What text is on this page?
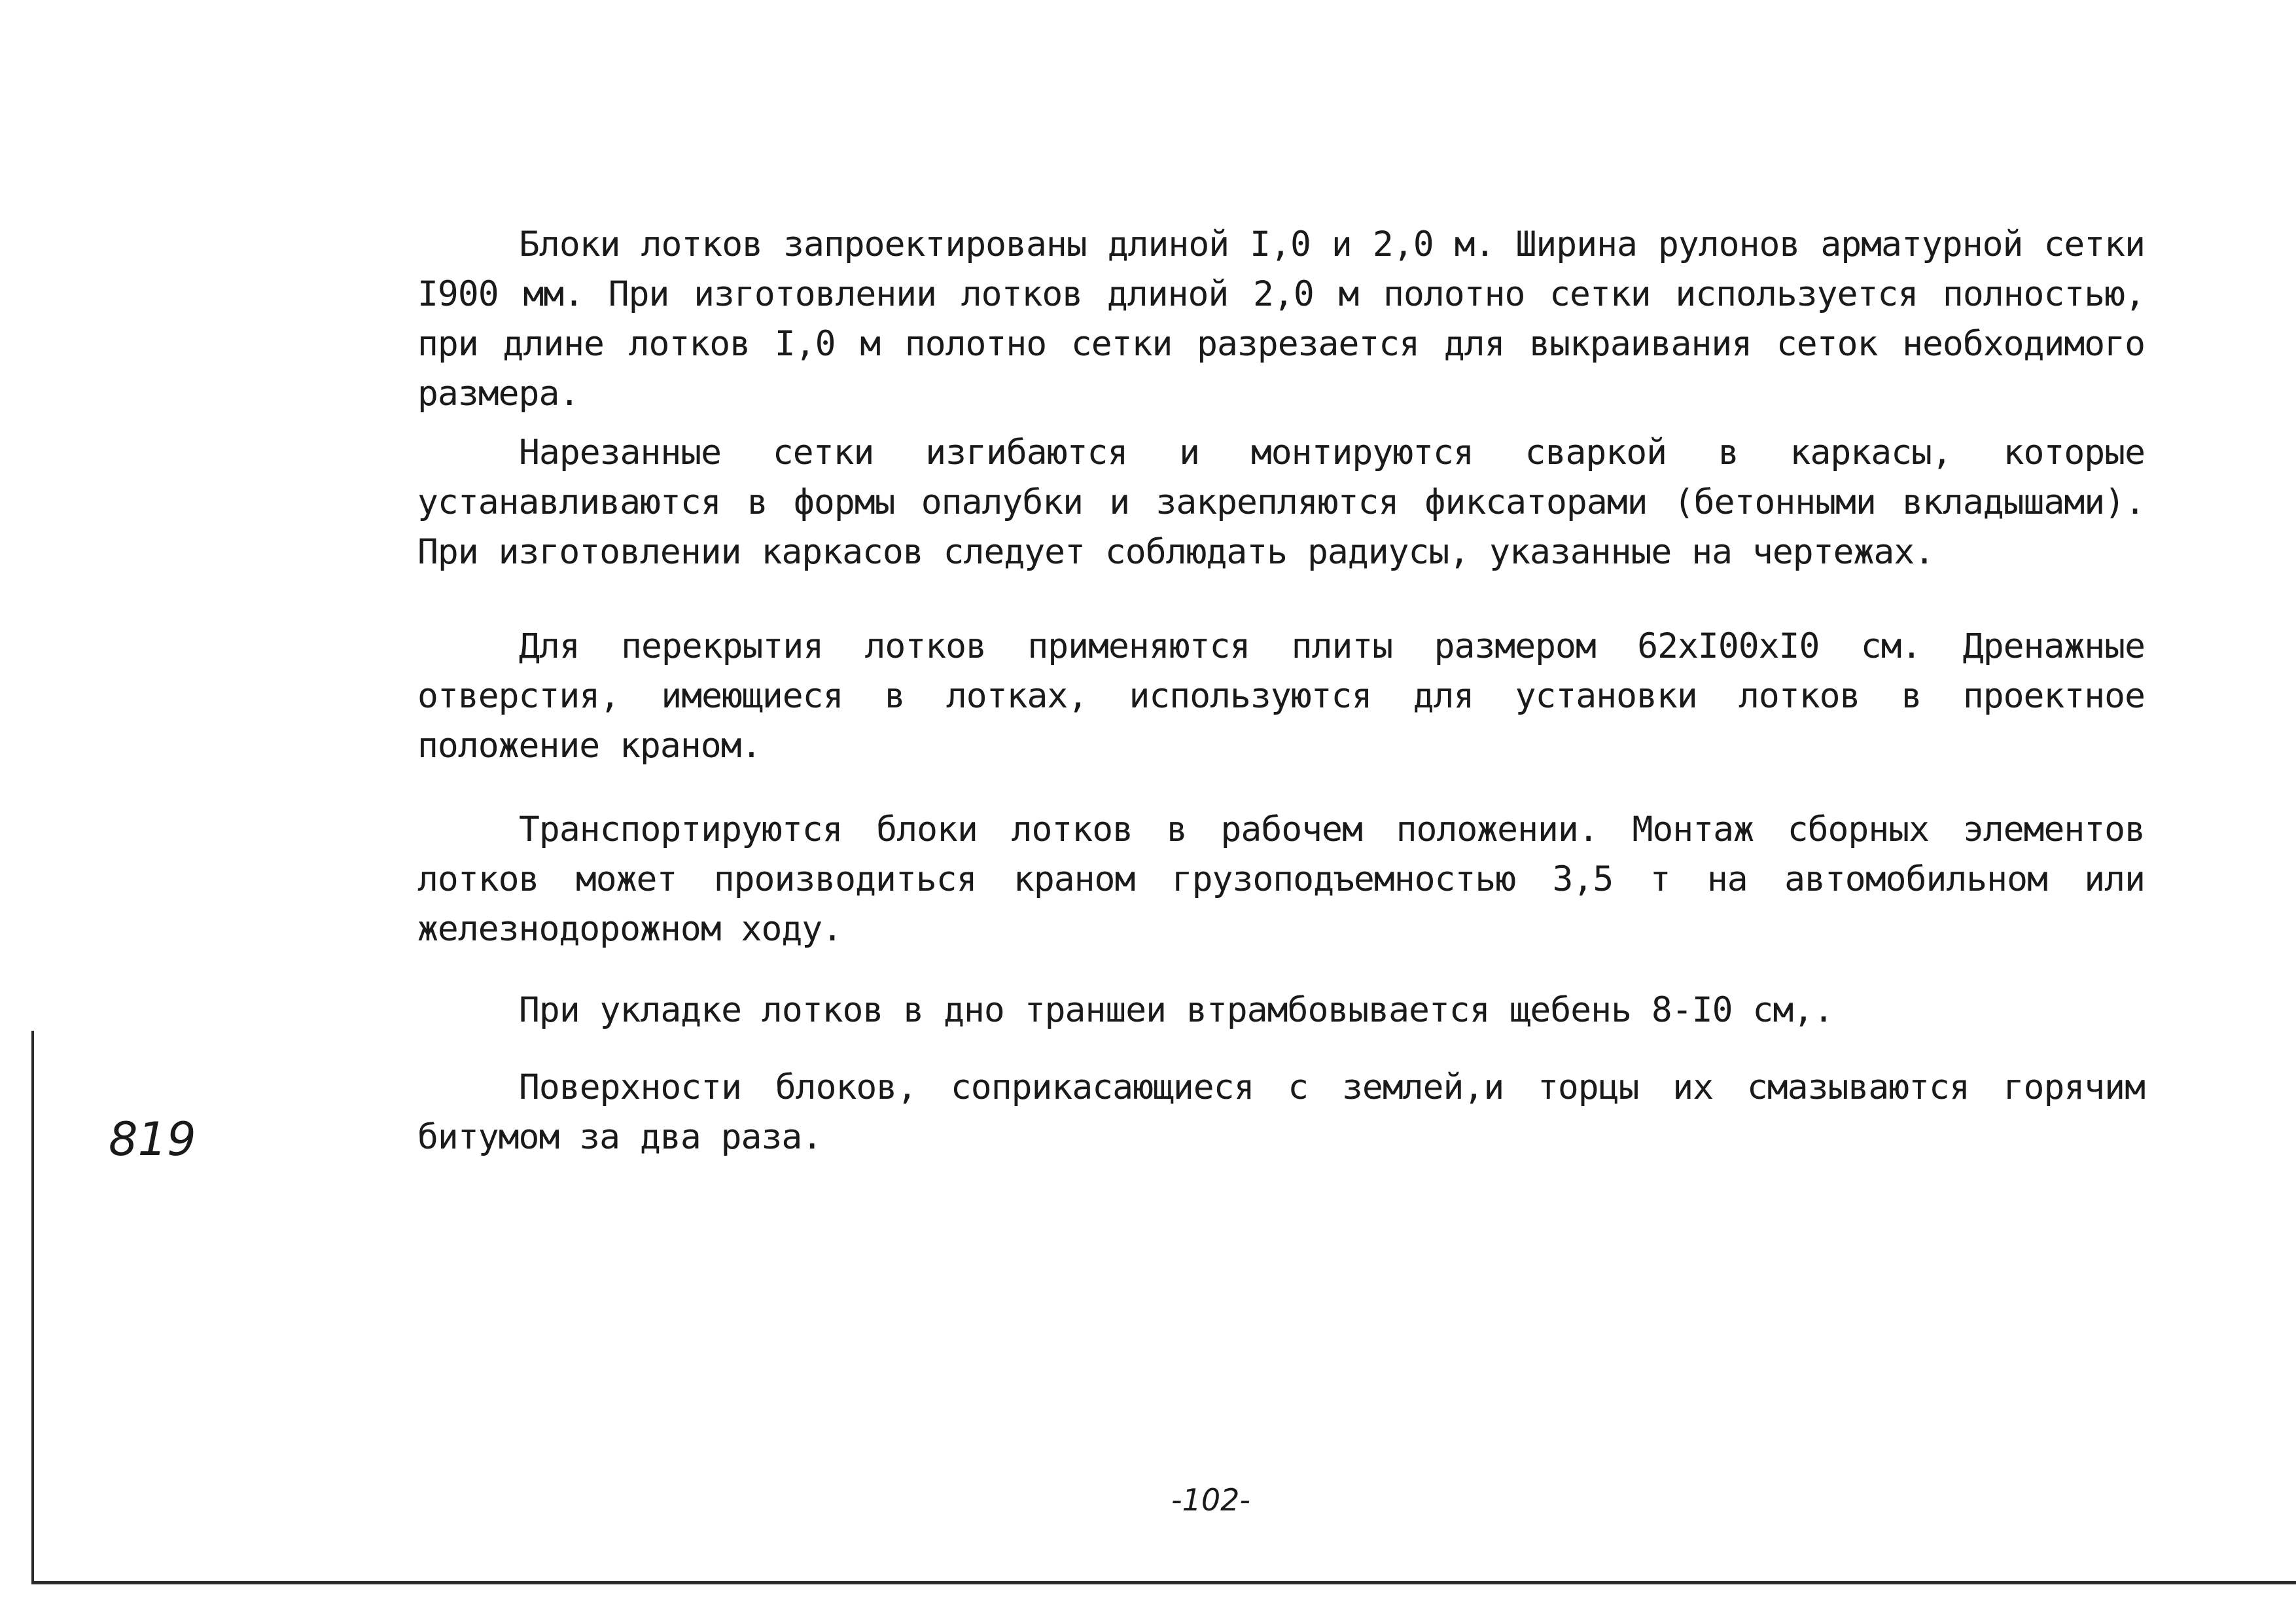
Блоки лотков запроектированы длиной I,0 и 2,0 м. Ширина рулонов арматурной сетки I900 мм. При изготовлении лотков длиной 2,0 м полотно сетки используется полностью, при длине лотков I,0 м полотно сетки разрезается для выкраивания сеток необходимого размера.

Нарезанные сетки изгибаются и монтируются сваркой в каркасы, которые устанавливаются в формы опалубки и закрепляются фиксаторами (бетонными вкладышами). При изготовлении каркасов следует соблюдать радиусы, указанные на чертежах.

Для перекрытия лотков применяются плиты размером 62xI00xI0 см. Дренажные отверстия, имеющиеся в лотках, используются для установки лотков в проектное положение краном.

Транспортируются блоки лотков в рабочем положении. Монтаж сборных элементов лотков может производиться краном грузоподъемностью 3,5 т на автомобильном или железнодорожном ходу.

При укладке лотков в дно траншеи втрамбовывается щебень 8-I0 см,.

Поверхности блоков, соприкасающиеся с землей,и торцы их смазываются горячим битумом за два раза.

819
-102-
